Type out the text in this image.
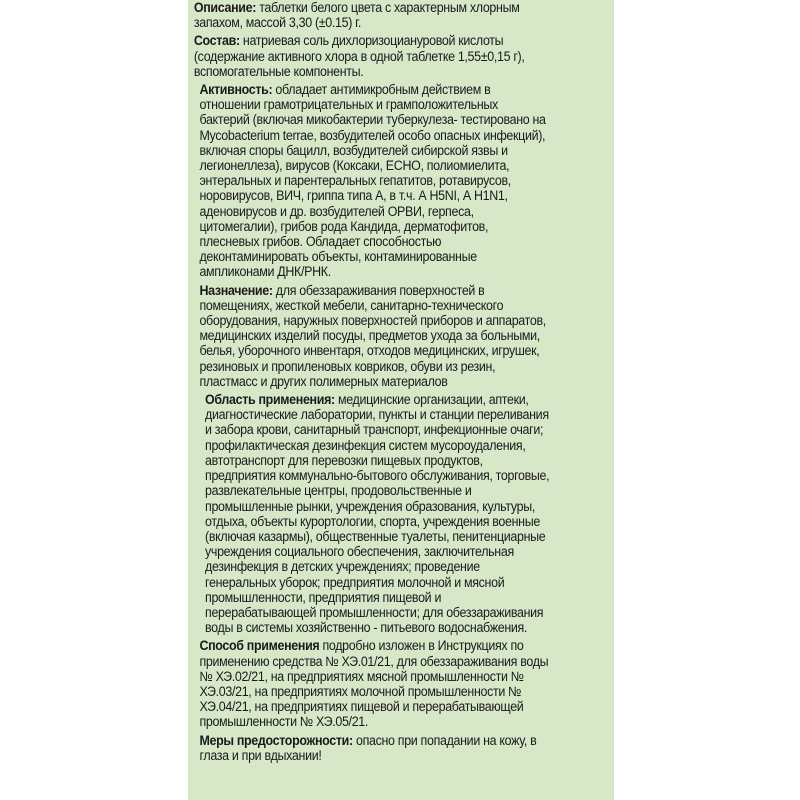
Описание: таблетки белого цвета с характерным хлорным
запахом, массой 3,30 (±0.15) г.
Состав: натриевая соль дихлоризоциануровой кислоты
(содержание активного хлора в одной таблетке 1,55±0,15 г),
вспомогательные компоненты.
Активность: обладает антимикробным действием в
отношении грамотрицательных и грамположительных
бактерий (включая микобактерии туберкулеза- тестировано на
Mycobacterium terrae, возбудителей особо опасных инфекций),
включая споры бацилл, возбудителей сибирской язвы и
легионеллеза), вирусов (Коксаки, ЕСНО, полиомиелита,
энтеральных и парентеральных гепатитов, ротавирусов,
норовирусов, ВИЧ, гриппа типа А, в т.ч. А H5NI, А H1N1,
аденовирусов и др. возбудителей ОРВИ, герпеса,
цитомегалии), грибов рода Кандида, дерматофитов,
плесневых грибов. Обладает способностью
деконтаминировать объекты, контаминированные
ампликонами ДНК/РНК.
Назначение: для обеззараживания поверхностей в
помещениях, жесткой мебели, санитарно-технического
оборудования, наружных поверхностей приборов и аппаратов,
медицинских изделий посуды, предметов ухода за больными,
белья, уборочного инвентаря, отходов медицинских, игрушек,
резиновых и пропиленовых ковриков, обуви из резин,
пластмасс и других полимерных материалов
Область применения: медицинские организации, аптеки,
диагностические лаборатории, пункты и станции переливания
и забора крови, санитарный транспорт, инфекционные очаги;
профилактическая дезинфекция систем мусороудаления,
автотранспорт для перевозки пищевых продуктов,
предприятия коммунально-бытового обслуживания, торговые,
развлекательные центры, продовольственные и
промышленные рынки, учреждения образования, культуры,
отдыха, объекты курортологии, спорта, учреждения военные
(включая казармы), общественные туалеты, пенитенциарные
учреждения социального обеспечения, заключительная
дезинфекция в детских учреждениях; проведение
генеральных уборок; предприятия молочной и мясной
промышленности, предприятия пищевой и
перерабатывающей промышленности; для обеззараживания
воды в системы хозяйственно - питьевого водоснабжения.
Способ применения подробно изложен в Инструкциях по
применению средства № ХЭ.01/21, для обеззараживания воды
№ ХЭ.02/21, на предприятиях мясной промышленности №
ХЭ.03/21, на предприятиях молочной промышленности №
ХЭ.04/21, на предприятиях пищевой и перерабатывающей
промышленности № ХЭ.05/21.
Меры предосторожности: опасно при попадании на кожу, в
глаза и при вдыхании!
